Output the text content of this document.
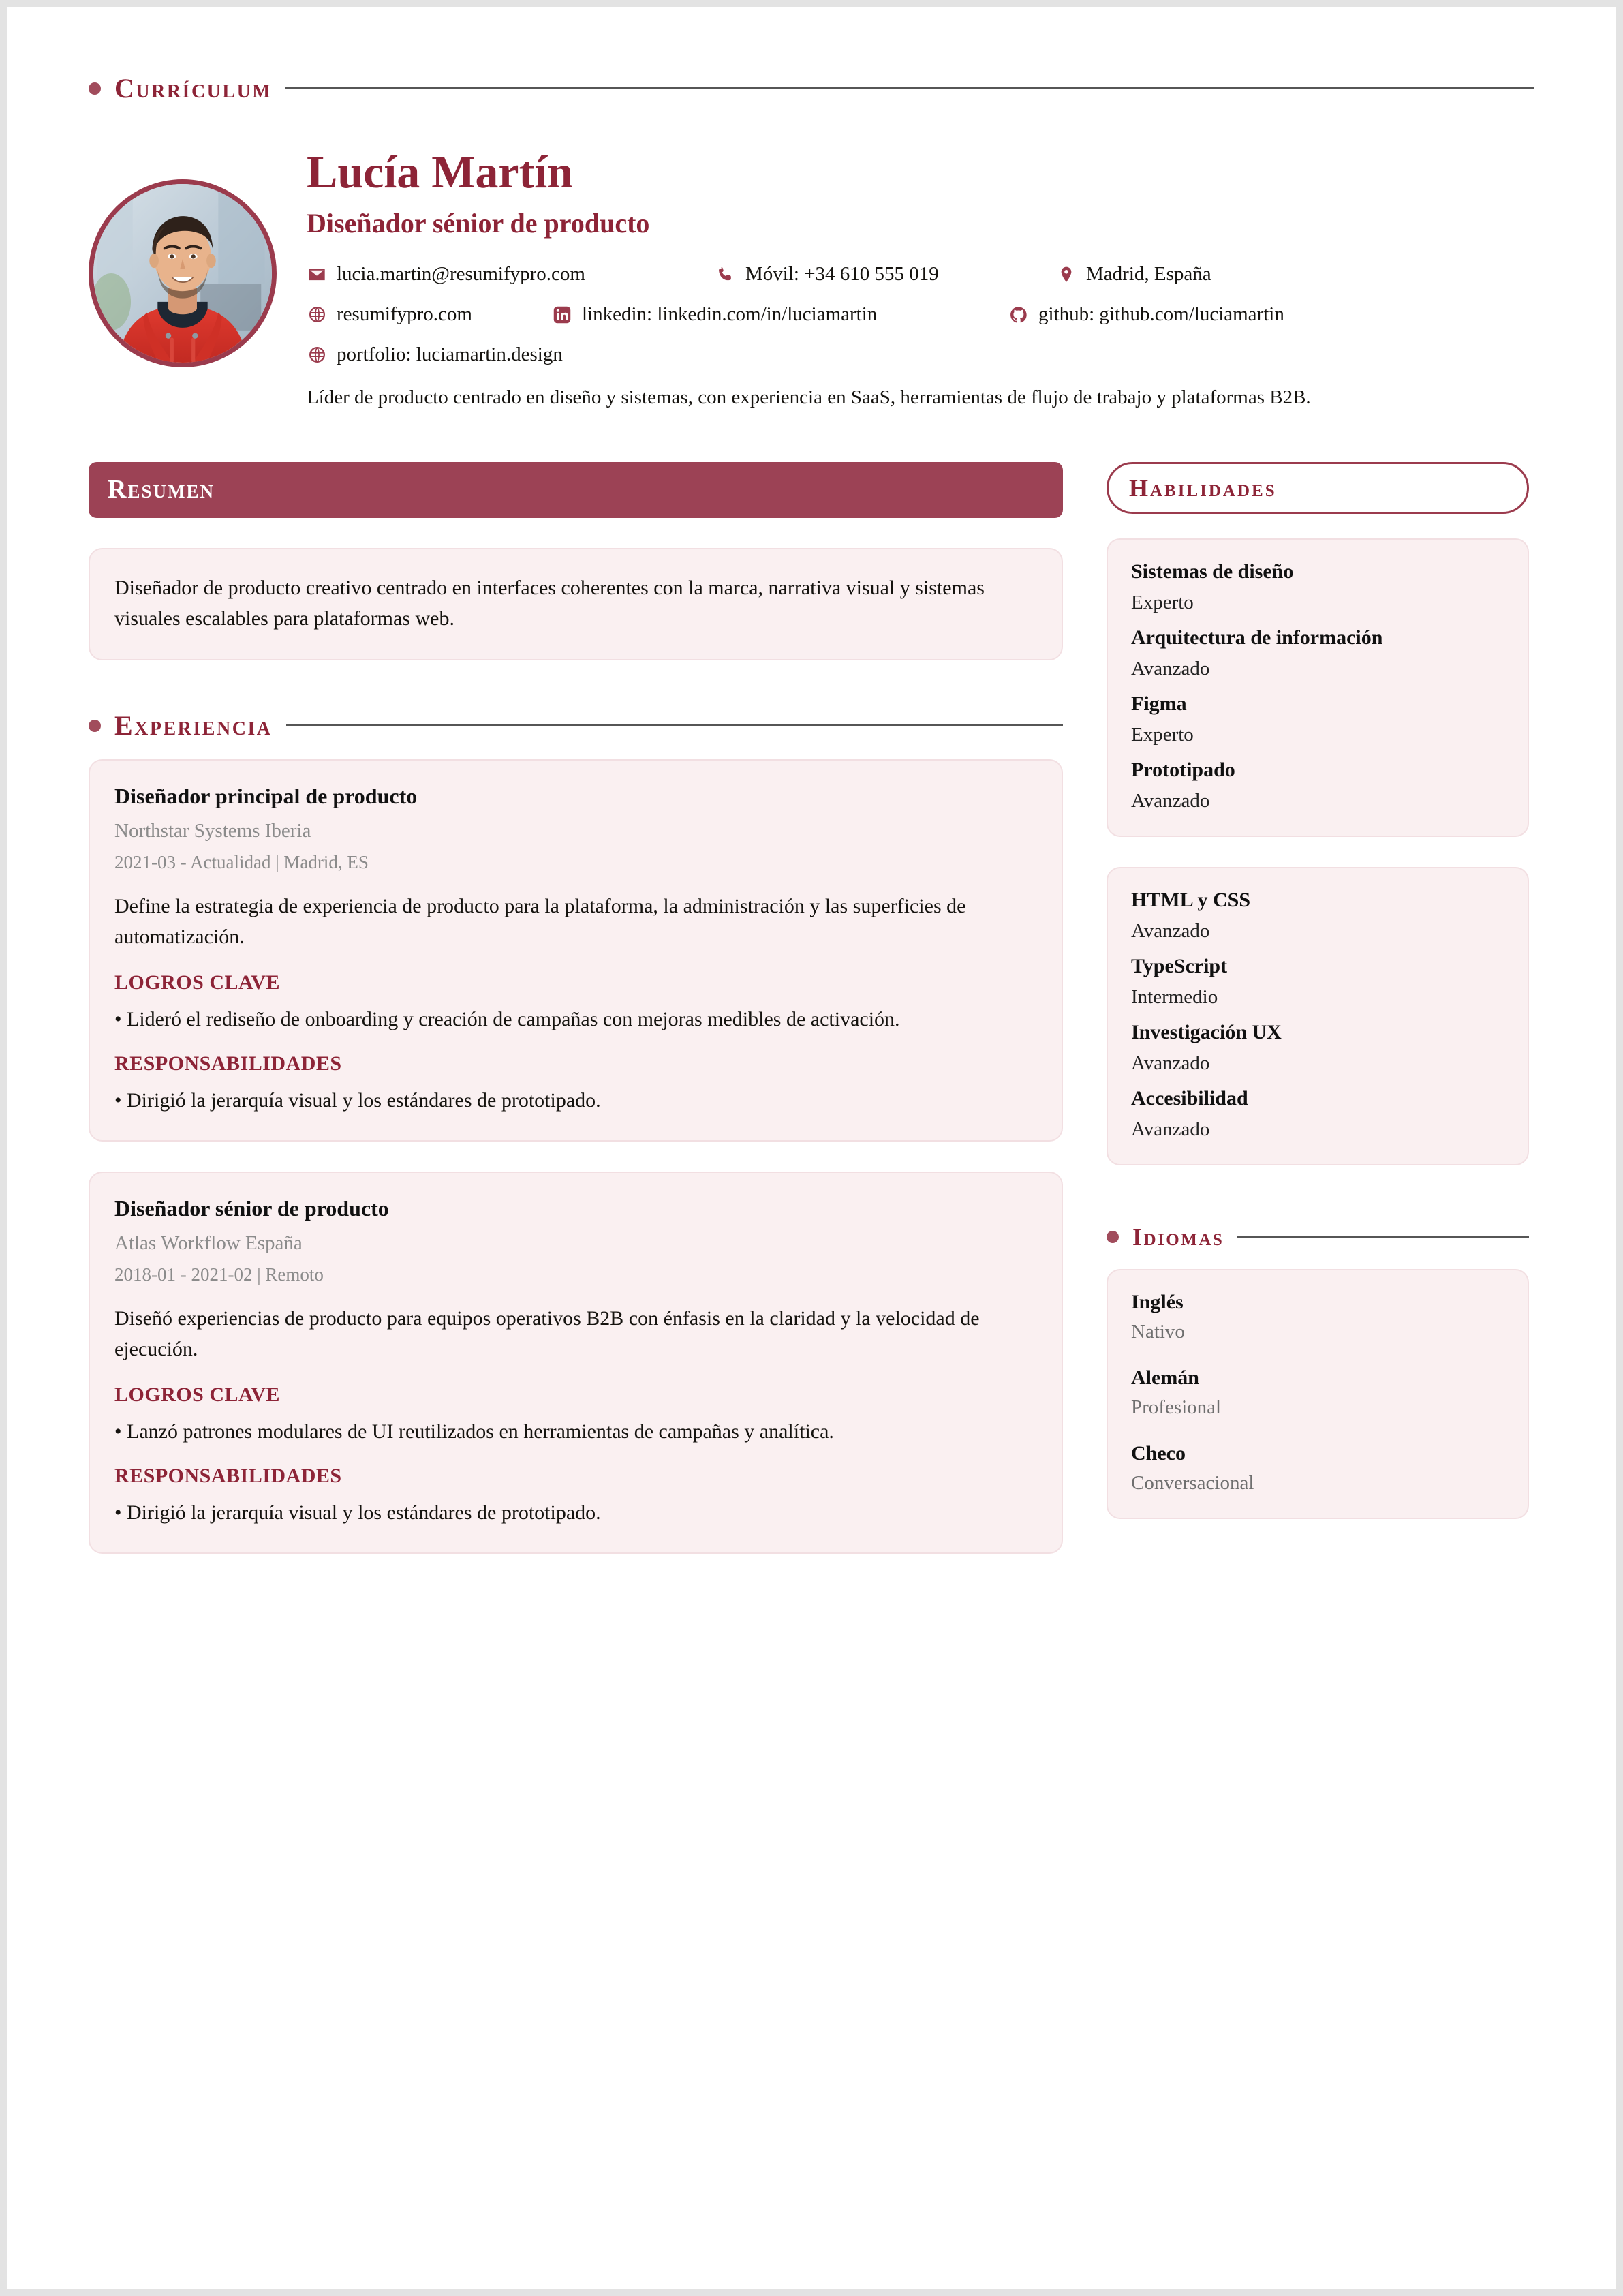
Currículum
Lucía Martín
Diseñador sénior de producto
lucia.martin@resumifypro.com	Móvil: +34 610 555 019	Madrid, España
resumifypro.com	linkedin: linkedin.com/in/luciamartin	github: github.com/luciamartin
portfolio: luciamartin.design
Líder de producto centrado en diseño y sistemas, con experiencia en SaaS, herramientas de flujo de trabajo y plataformas B2B.
Resumen
Diseñador de producto creativo centrado en interfaces coherentes con la marca, narrativa visual y sistemas visuales escalables para plataformas web.
Experiencia
Diseñador principal de producto
Northstar Systems Iberia
2021-03 - Actualidad | Madrid, ES
Define la estrategia de experiencia de producto para la plataforma, la administración y las superficies de automatización.
LOGROS CLAVE
• Lideró el rediseño de onboarding y creación de campañas con mejoras medibles de activación.
RESPONSABILIDADES
• Dirigió la jerarquía visual y los estándares de prototipado.
Diseñador sénior de producto
Atlas Workflow España
2018-01 - 2021-02 | Remoto
Diseñó experiencias de producto para equipos operativos B2B con énfasis en la claridad y la velocidad de ejecución.
LOGROS CLAVE
• Lanzó patrones modulares de UI reutilizados en herramientas de campañas y analítica.
RESPONSABILIDADES
• Dirigió la jerarquía visual y los estándares de prototipado.
Habilidades
Sistemas de diseño
Experto
Arquitectura de información
Avanzado
Figma
Experto
Prototipado
Avanzado
HTML y CSS
Avanzado
TypeScript
Intermedio
Investigación UX
Avanzado
Accesibilidad
Avanzado
Idiomas
Inglés
Nativo
Alemán
Profesional
Checo
Conversacional
